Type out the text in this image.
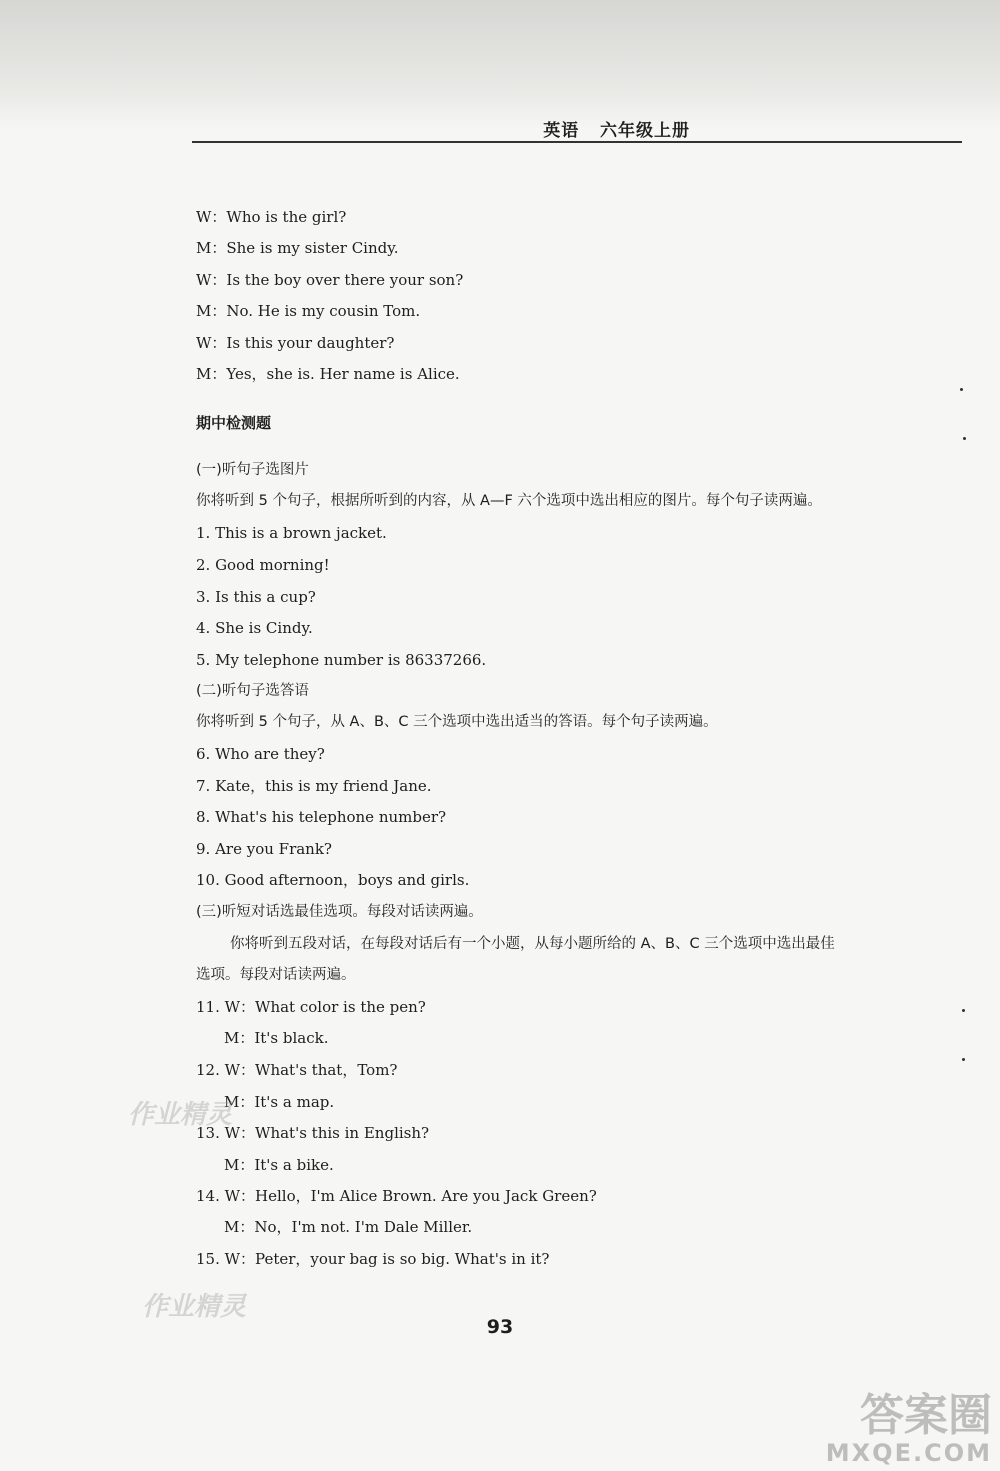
英语   六年级上册
W：Who is the girl?
M：She is my sister Cindy.
W：Is the boy over there your son?
M：No. He is my cousin Tom.
W：Is this your daughter?
M：Yes，she is. Her name is Alice.
期中检测题
(一)听句子选图片
你将听到 5 个句子，根据所听到的内容，从 A—F 六个选项中选出相应的图片。每个句子读两遍。
1. This is a brown jacket.
2. Good morning!
3. Is this a cup?
4. She is Cindy.
5. My telephone number is 86337266.
(二)听句子选答语
你将听到 5 个句子，从 A、B、C 三个选项中选出适当的答语。每个句子读两遍。
6. Who are they?
7. Kate，this is my friend Jane.
8. What's his telephone number?
9. Are you Frank?
10. Good afternoon，boys and girls.
(三)听短对话选最佳选项。每段对话读两遍。
你将听到五段对话，在每段对话后有一个小题，从每小题所给的 A、B、C 三个选项中选出最佳
选项。每段对话读两遍。
11. W：What color is the pen?
M：It's black.
12. W：What's that，Tom?
M：It's a map.
13. W：What's this in English?
M：It's a bike.
14. W：Hello，I'm Alice Brown. Are you Jack Green?
M：No，I'm not. I'm Dale Miller.
15. W：Peter，your bag is so big. What's in it?
93
作业精灵
作业精灵
答案圈
MXQE.COM
